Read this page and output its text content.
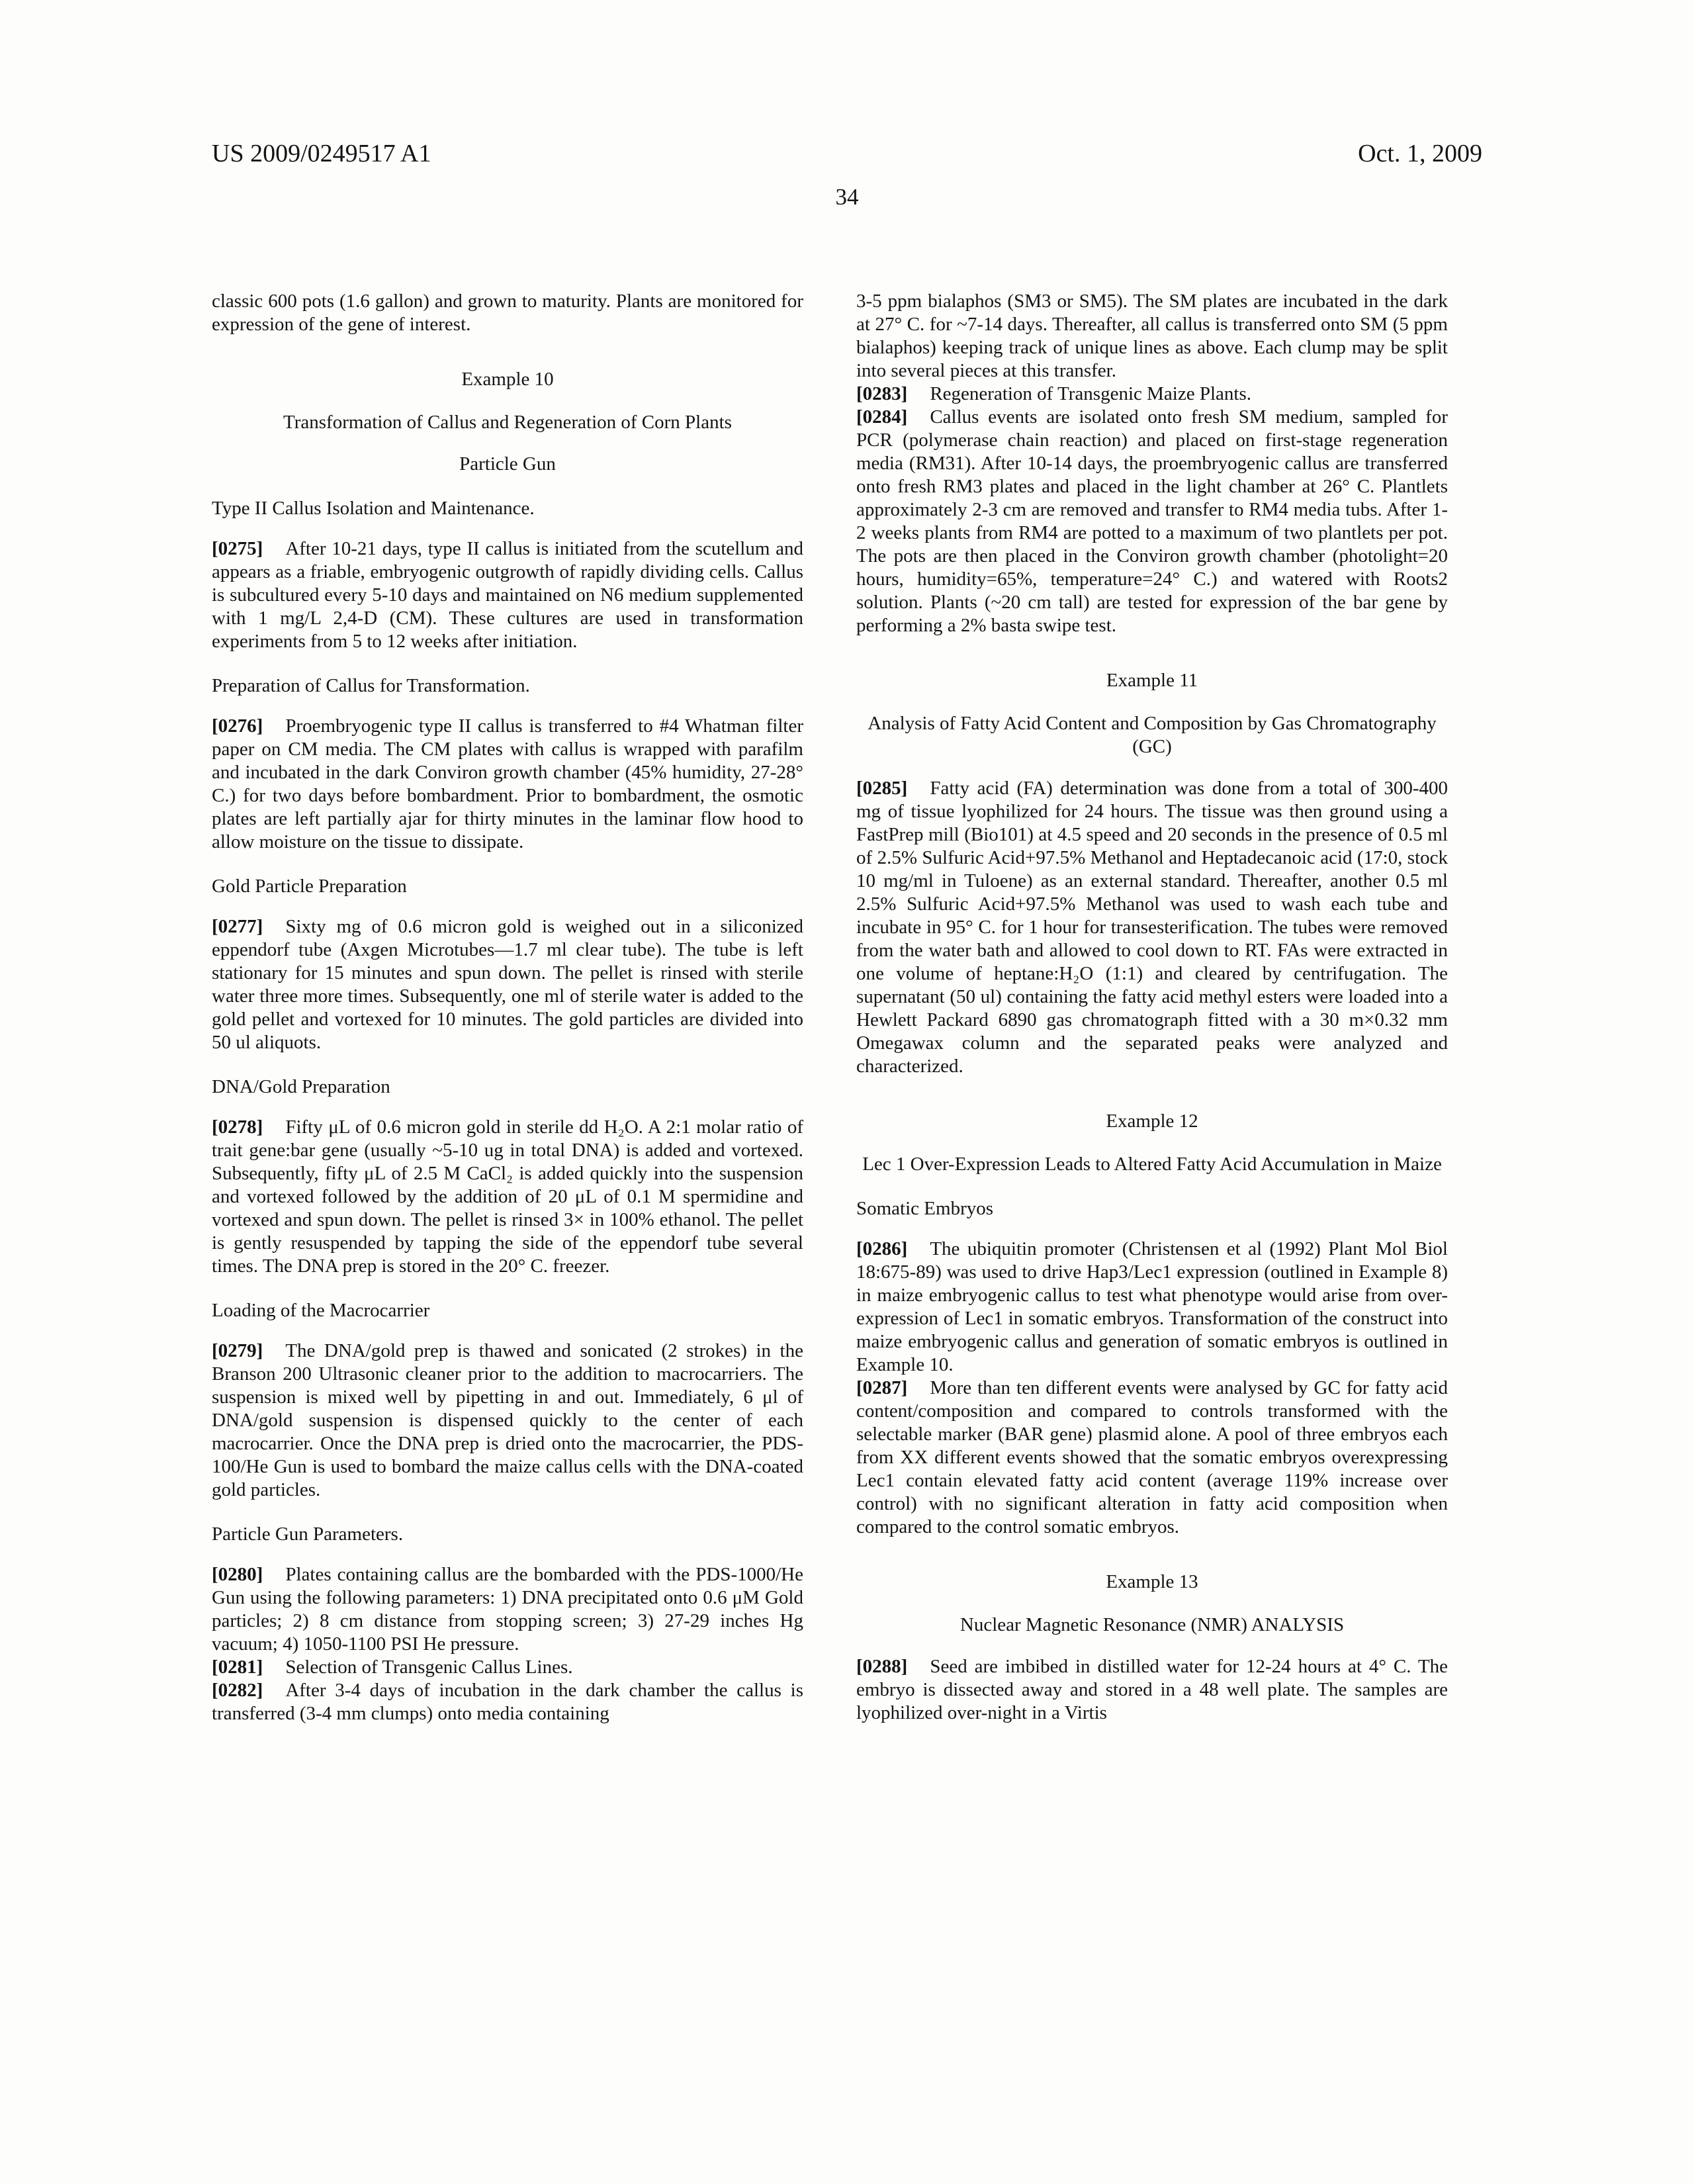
US 2009/0249517 A1	Oct. 1, 2009
34
classic 600 pots (1.6 gallon) and grown to maturity. Plants are monitored for expression of the gene of interest.
Example 10
Transformation of Callus and Regeneration of Corn Plants
Particle Gun
Type II Callus Isolation and Maintenance.
[0275] After 10-21 days, type II callus is initiated from the scutellum and appears as a friable, embryogenic outgrowth of rapidly dividing cells. Callus is subcultured every 5-10 days and maintained on N6 medium supplemented with 1 mg/L 2,4-D (CM). These cultures are used in transformation experiments from 5 to 12 weeks after initiation.
Preparation of Callus for Transformation.
[0276] Proembryogenic type II callus is transferred to #4 Whatman filter paper on CM media. The CM plates with callus is wrapped with parafilm and incubated in the dark Conviron growth chamber (45% humidity, 27-28° C.) for two days before bombardment. Prior to bombardment, the osmotic plates are left partially ajar for thirty minutes in the laminar flow hood to allow moisture on the tissue to dissipate.
Gold Particle Preparation
[0277] Sixty mg of 0.6 micron gold is weighed out in a siliconized eppendorf tube (Axgen Microtubes—1.7 ml clear tube). The tube is left stationary for 15 minutes and spun down. The pellet is rinsed with sterile water three more times. Subsequently, one ml of sterile water is added to the gold pellet and vortexed for 10 minutes. The gold particles are divided into 50 ul aliquots.
DNA/Gold Preparation
[0278] Fifty μL of 0.6 micron gold in sterile dd H₂O. A 2:1 molar ratio of trait gene:bar gene (usually ~5-10 ug in total DNA) is added and vortexed. Subsequently, fifty μL of 2.5 M CaCl₂ is added quickly into the suspension and vortexed followed by the addition of 20 μL of 0.1 M spermidine and vortexed and spun down. The pellet is rinsed 3× in 100% ethanol. The pellet is gently resuspended by tapping the side of the eppendorf tube several times. The DNA prep is stored in the 20° C. freezer.
Loading of the Macrocarrier
[0279] The DNA/gold prep is thawed and sonicated (2 strokes) in the Branson 200 Ultrasonic cleaner prior to the addition to macrocarriers. The suspension is mixed well by pipetting in and out. Immediately, 6 μl of DNA/gold suspension is dispensed quickly to the center of each macrocarrier. Once the DNA prep is dried onto the macrocarrier, the PDS-100/He Gun is used to bombard the maize callus cells with the DNA-coated gold particles.
Particle Gun Parameters.
[0280] Plates containing callus are the bombarded with the PDS-1000/He Gun using the following parameters: 1) DNA precipitated onto 0.6 μM Gold particles; 2) 8 cm distance from stopping screen; 3) 27-29 inches Hg vacuum; 4) 1050-1100 PSI He pressure.
[0281] Selection of Transgenic Callus Lines.
[0282] After 3-4 days of incubation in the dark chamber the callus is transferred (3-4 mm clumps) onto media containing
3-5 ppm bialaphos (SM3 or SM5). The SM plates are incubated in the dark at 27° C. for ~7-14 days. Thereafter, all callus is transferred onto SM (5 ppm bialaphos) keeping track of unique lines as above. Each clump may be split into several pieces at this transfer.
[0283] Regeneration of Transgenic Maize Plants.
[0284] Callus events are isolated onto fresh SM medium, sampled for PCR (polymerase chain reaction) and placed on first-stage regeneration media (RM31). After 10-14 days, the proembryogenic callus are transferred onto fresh RM3 plates and placed in the light chamber at 26° C. Plantlets approximately 2-3 cm are removed and transfer to RM4 media tubs. After 1-2 weeks plants from RM4 are potted to a maximum of two plantlets per pot. The pots are then placed in the Conviron growth chamber (photolight=20 hours, humidity=65%, temperature=24° C.) and watered with Roots2 solution. Plants (~20 cm tall) are tested for expression of the bar gene by performing a 2% basta swipe test.
Example 11
Analysis of Fatty Acid Content and Composition by Gas Chromatography (GC)
[0285] Fatty acid (FA) determination was done from a total of 300-400 mg of tissue lyophilized for 24 hours. The tissue was then ground using a FastPrep mill (Bio101) at 4.5 speed and 20 seconds in the presence of 0.5 ml of 2.5% Sulfuric Acid+97.5% Methanol and Heptadecanoic acid (17:0, stock 10 mg/ml in Tuloene) as an external standard. Thereafter, another 0.5 ml 2.5% Sulfuric Acid+97.5% Methanol was used to wash each tube and incubate in 95° C. for 1 hour for transesterification. The tubes were removed from the water bath and allowed to cool down to RT. FAs were extracted in one volume of heptane:H₂O (1:1) and cleared by centrifugation. The supernatant (50 ul) containing the fatty acid methyl esters were loaded into a Hewlett Packard 6890 gas chromatograph fitted with a 30 m×0.32 mm Omegawax column and the separated peaks were analyzed and characterized.
Example 12
Lec 1 Over-Expression Leads to Altered Fatty Acid Accumulation in Maize
Somatic Embryos
[0286] The ubiquitin promoter (Christensen et al (1992) Plant Mol Biol 18:675-89) was used to drive Hap3/Lec1 expression (outlined in Example 8) in maize embryogenic callus to test what phenotype would arise from over-expression of Lec1 in somatic embryos. Transformation of the construct into maize embryogenic callus and generation of somatic embryos is outlined in Example 10.
[0287] More than ten different events were analysed by GC for fatty acid content/composition and compared to controls transformed with the selectable marker (BAR gene) plasmid alone. A pool of three embryos each from XX different events showed that the somatic embryos overexpressing Lec1 contain elevated fatty acid content (average 119% increase over control) with no significant alteration in fatty acid composition when compared to the control somatic embryos.
Example 13
Nuclear Magnetic Resonance (NMR) ANALYSIS
[0288] Seed are imbibed in distilled water for 12-24 hours at 4° C. The embryo is dissected away and stored in a 48 well plate. The samples are lyophilized over-night in a Virtis
